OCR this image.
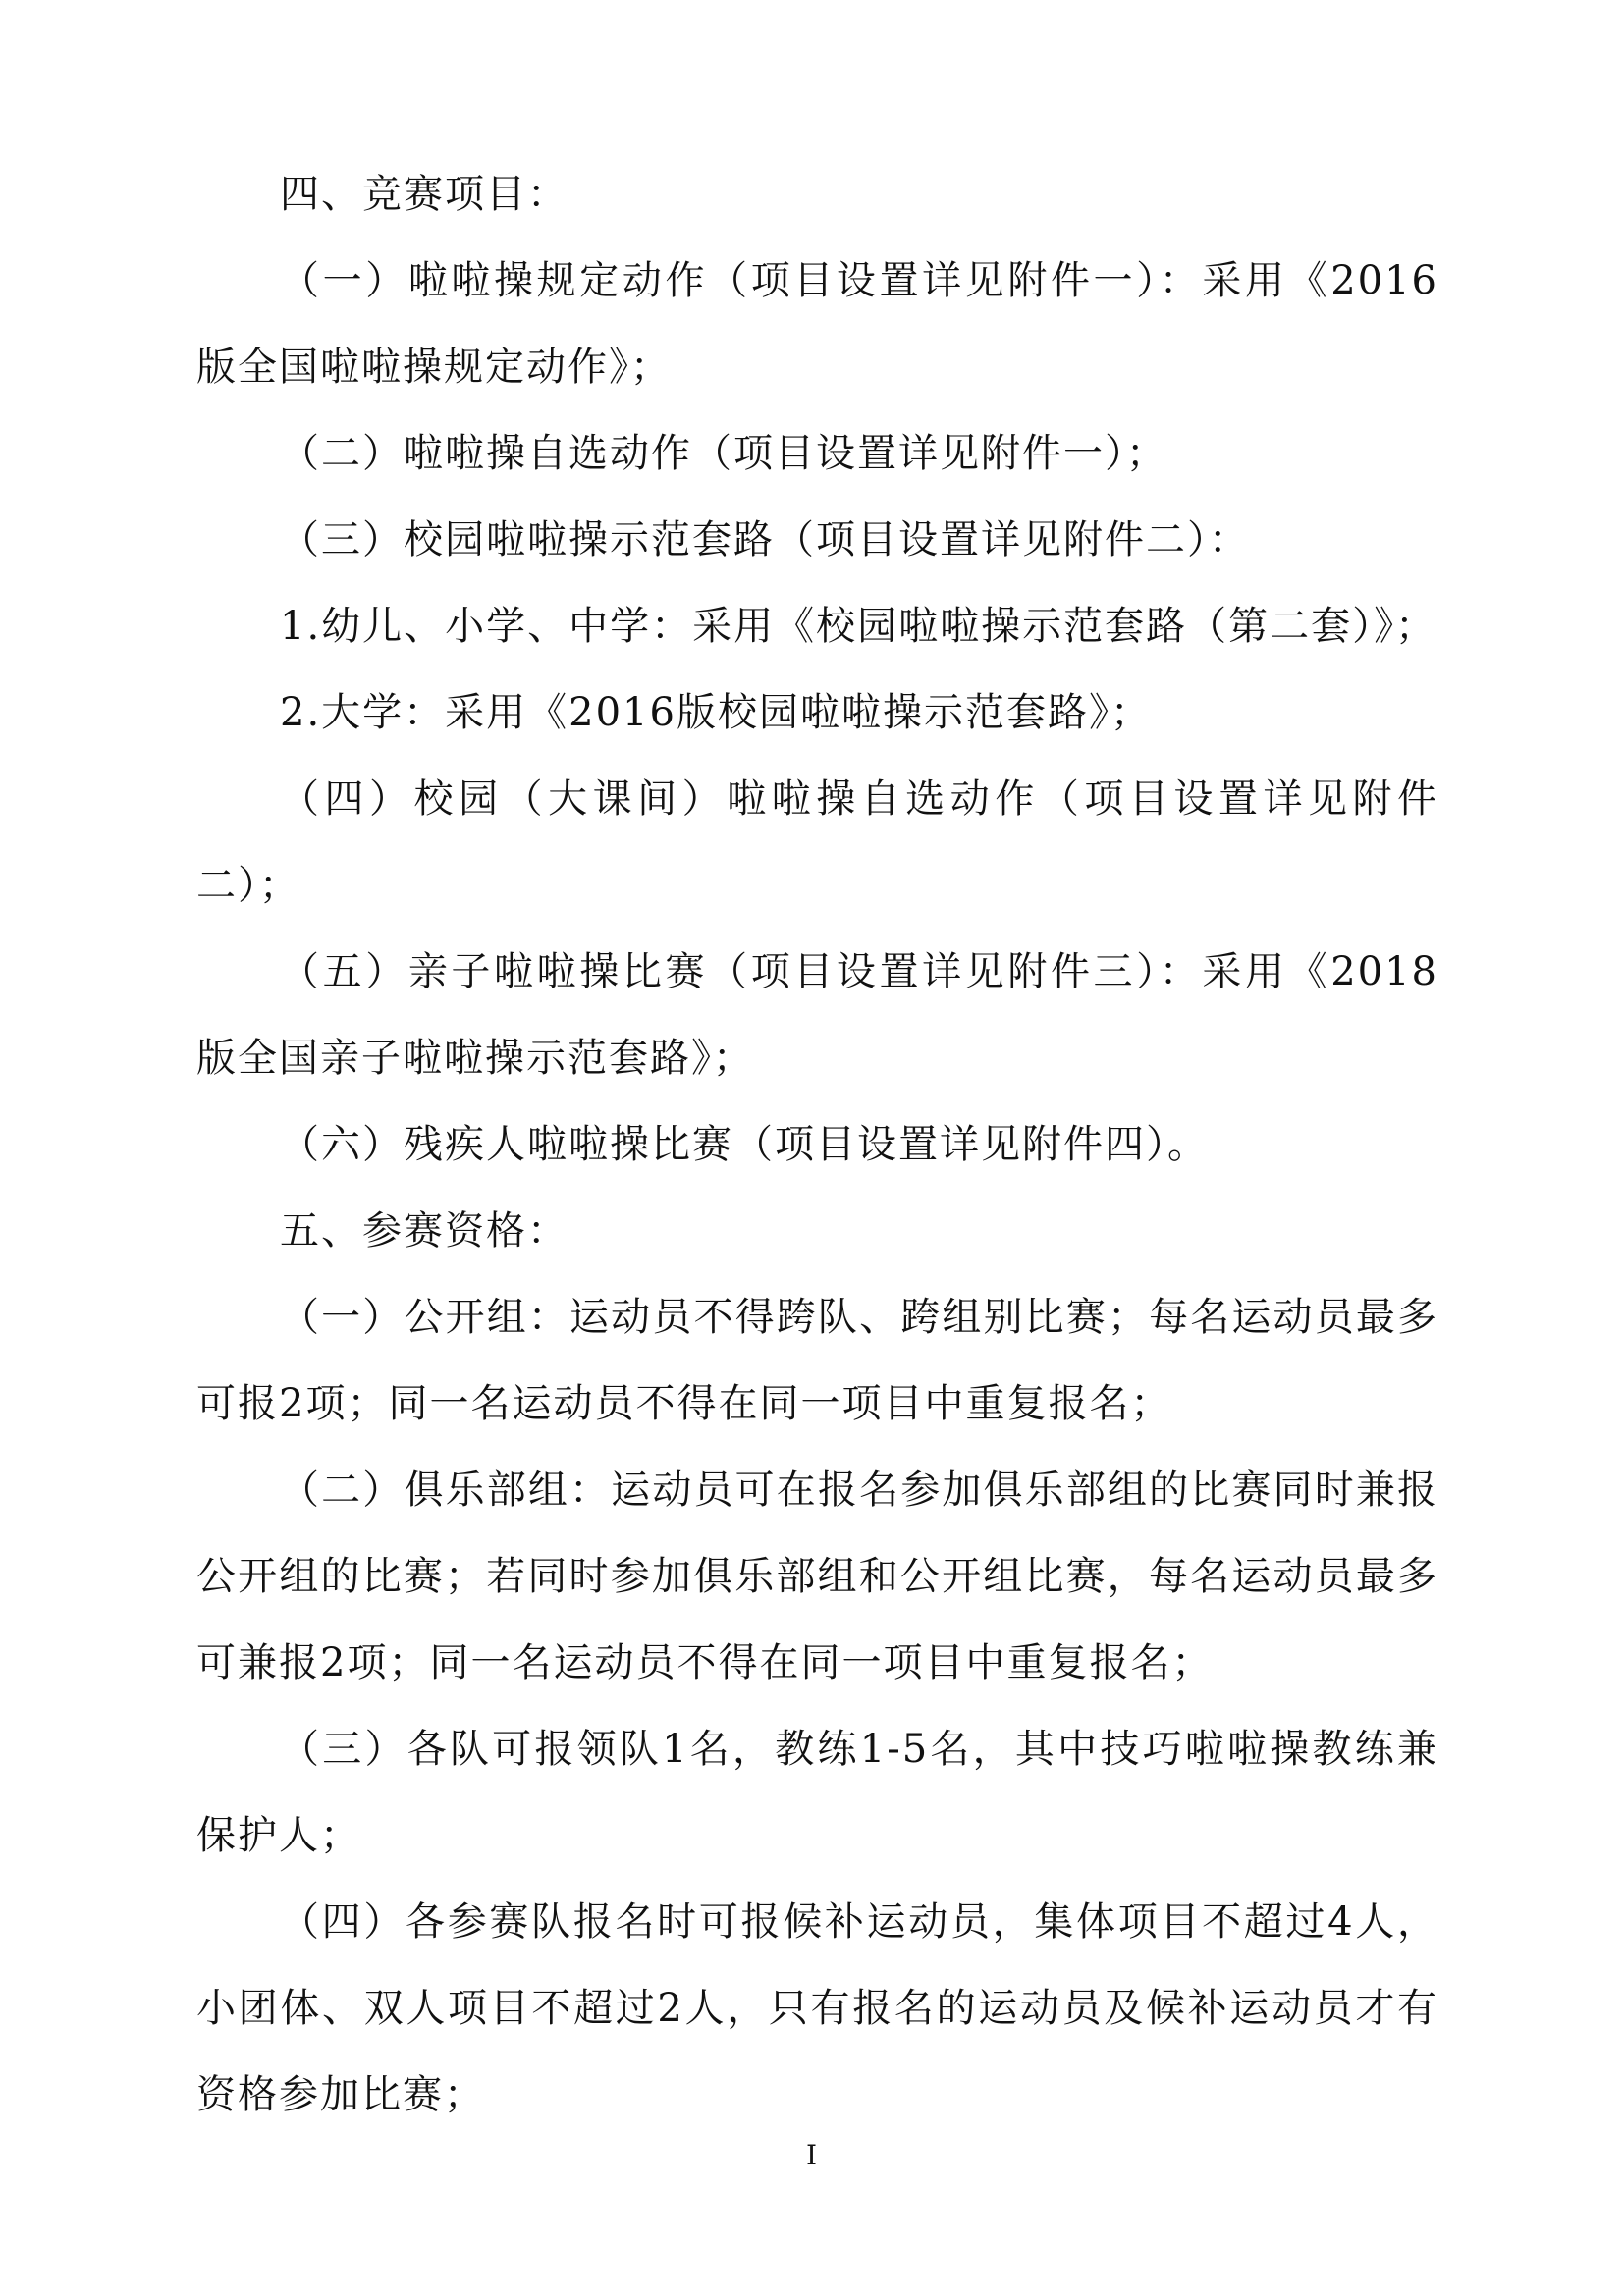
四、竞赛项目：

（一）啦啦操规定动作（项目设置详见附件一）：采用《2016版全国啦啦操规定动作》；

（二）啦啦操自选动作（项目设置详见附件一）；

（三）校园啦啦操示范套路（项目设置详见附件二）：

1.幼儿、小学、中学：采用《校园啦啦操示范套路（第二套）》；

2.大学：采用《2016版校园啦啦操示范套路》；

（四）校园（大课间）啦啦操自选动作（项目设置详见附件二）；

（五）亲子啦啦操比赛（项目设置详见附件三）：采用《2018版全国亲子啦啦操示范套路》；

（六）残疾人啦啦操比赛（项目设置详见附件四）。

五、参赛资格：

（一）公开组：运动员不得跨队、跨组别比赛；每名运动员最多可报2项；同一名运动员不得在同一项目中重复报名；

（二）俱乐部组：运动员可在报名参加俱乐部组的比赛同时兼报公开组的比赛；若同时参加俱乐部组和公开组比赛，每名运动员最多可兼报2项；同一名运动员不得在同一项目中重复报名；

（三）各队可报领队1名，教练1-5名，其中技巧啦啦操教练兼保护人；

（四）各参赛队报名时可报候补运动员，集体项目不超过4人，小团体、双人项目不超过2人，只有报名的运动员及候补运动员才有资格参加比赛；

I
